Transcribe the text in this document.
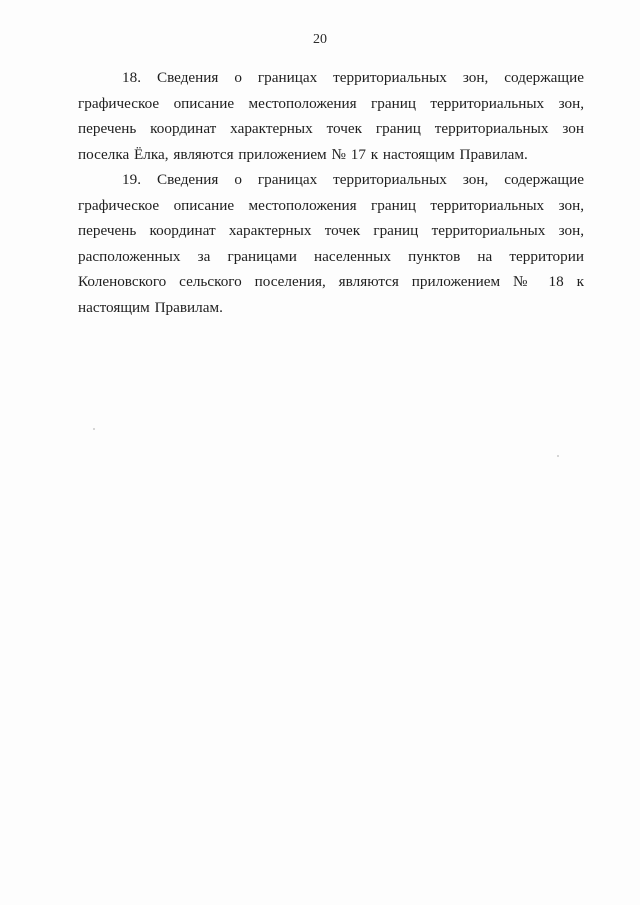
20

18. Сведения о границах территориальных зон, содержащие графическое описание местоположения границ территориальных зон, перечень координат характерных точек границ территориальных зон поселка Ёлка, являются приложением № 17 к настоящим Правилам.

19. Сведения о границах территориальных зон, содержащие графическое описание местоположения границ территориальных зон, перечень координат характерных точек границ территориальных зон, расположенных за границами населенных пунктов на территории Коленовского сельского поселения, являются приложением № 18 к настоящим Правилам.
